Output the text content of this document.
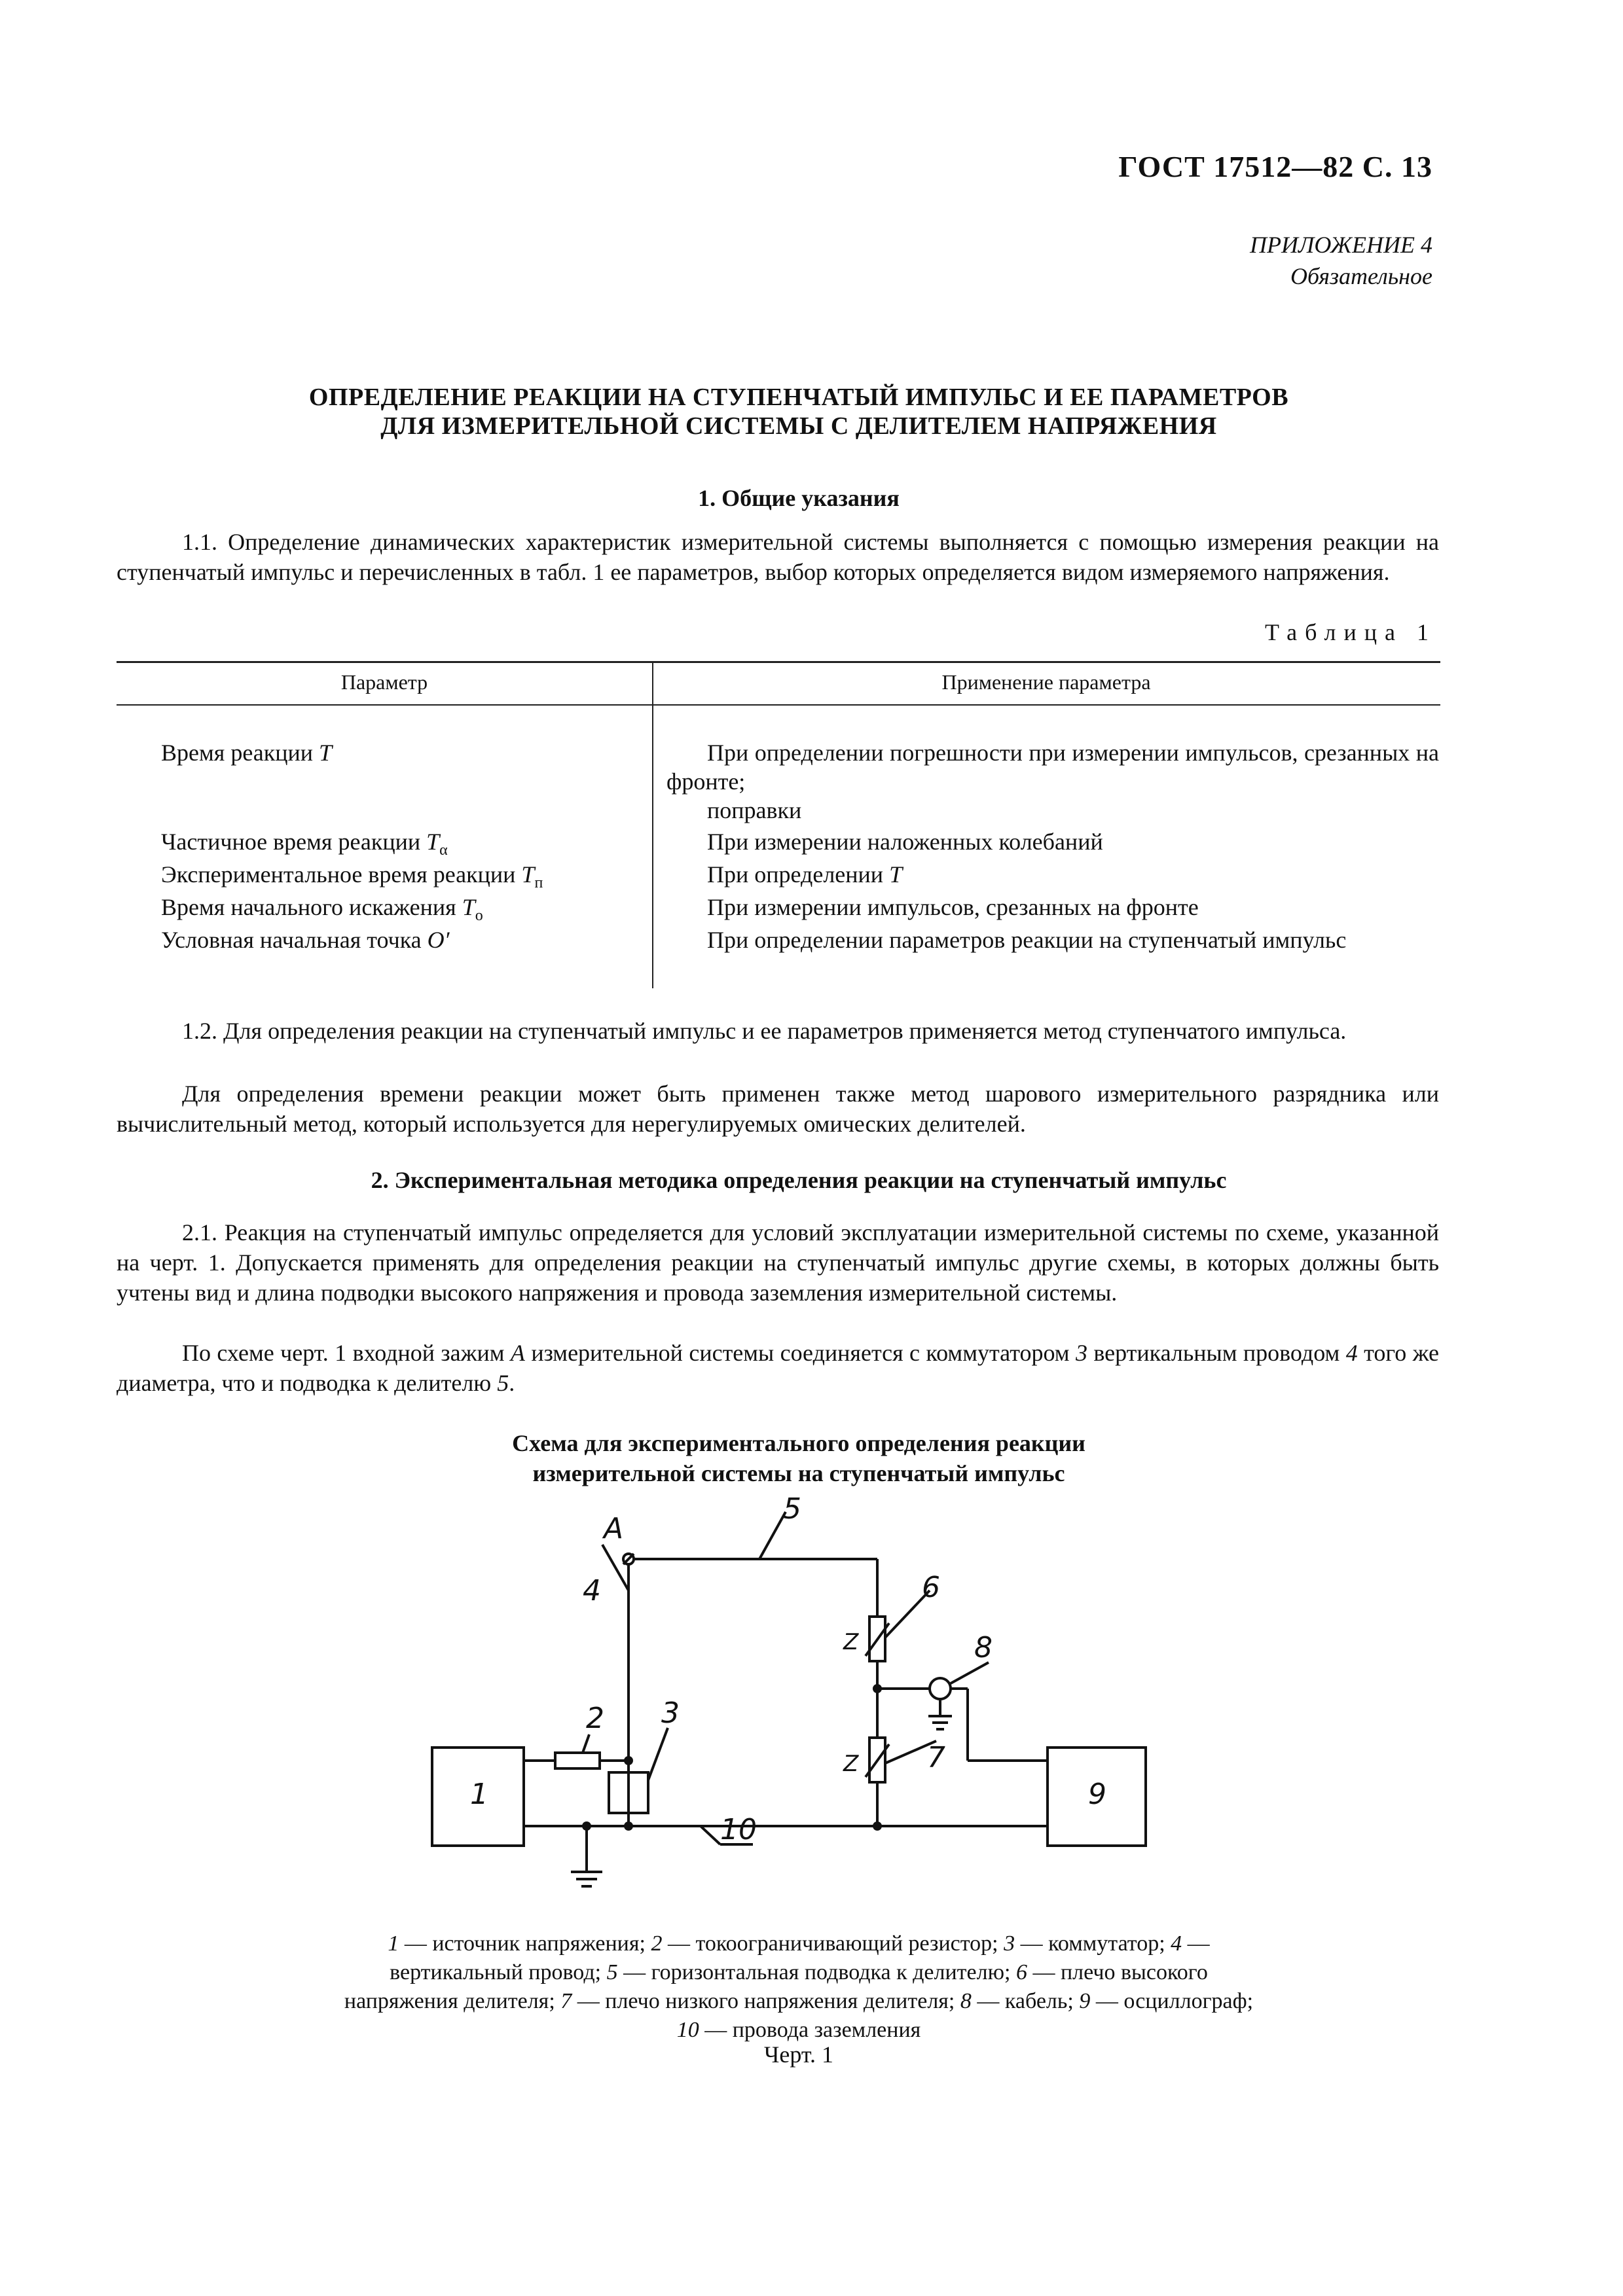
ГОСТ 17512—82 С. 13
ПРИЛОЖЕНИЕ 4
Обязательное
ОПРЕДЕЛЕНИЕ РЕАКЦИИ НА СТУПЕНЧАТЫЙ ИМПУЛЬС И ЕЕ ПАРАМЕТРОВ
ДЛЯ ИЗМЕРИТЕЛЬНОЙ СИСТЕМЫ С ДЕЛИТЕЛЕМ НАПРЯЖЕНИЯ
1. Общие указания
1.1. Определение динамических характеристик измерительной системы выполняется с помощью измерения реакции на ступенчатый импульс и перечисленных в табл. 1 ее параметров, выбор которых определяется видом измеряемого напряжения.
Таблица 1
Параметр	Применение параметра
Время реакции T	При определении погрешности при измерении импульсов, срезанных на фронте;
поправки
Частичное время реакции $T_\alpha$	При измерении наложенных колебаний
Экспериментальное время реакции $T_п$	При определении T
Время начального искажения $T_o$	При измерении импульсов, срезанных на фронте
Условная начальная точка O′	При определении параметров реакции на ступенчатый импульс
1.2. Для определения реакции на ступенчатый импульс и ее параметров применяется метод ступенчатого импульса.
Для определения времени реакции может быть применен также метод шарового измерительного разрядника или вычислительный метод, который используется для нерегулируемых омических делителей.
2. Экспериментальная методика определения реакции на ступенчатый импульс
2.1. Реакция на ступенчатый импульс определяется для условий эксплуатации измерительной системы по схеме, указанной на черт. 1. Допускается применять для определения реакции на ступенчатый импульс другие схемы, в которых должны быть учтены вид и длина подводки высокого напряжения и провода заземления измерительной системы.
По схеме черт. 1 входной зажим A измерительной системы соединяется с коммутатором 3 вертикальным проводом 4 того же диаметра, что и подводка к делителю 5.
Схема для экспериментального определения реакции
измерительной системы на ступенчатый импульс
A
4
5
6
8
2 3
7
1	9
10
Z
Z
1 — источник напряжения; 2 — токоограничивающий резистор; 3 — коммутатор; 4 — вертикальный провод; 5 — горизонтальная подводка к делителю; 6 — плечо высокого напряжения делителя; 7 — плечо низкого напряжения делителя; 8 — кабель; 9 — осциллограф; 10 — провода заземления
Черт. 1
